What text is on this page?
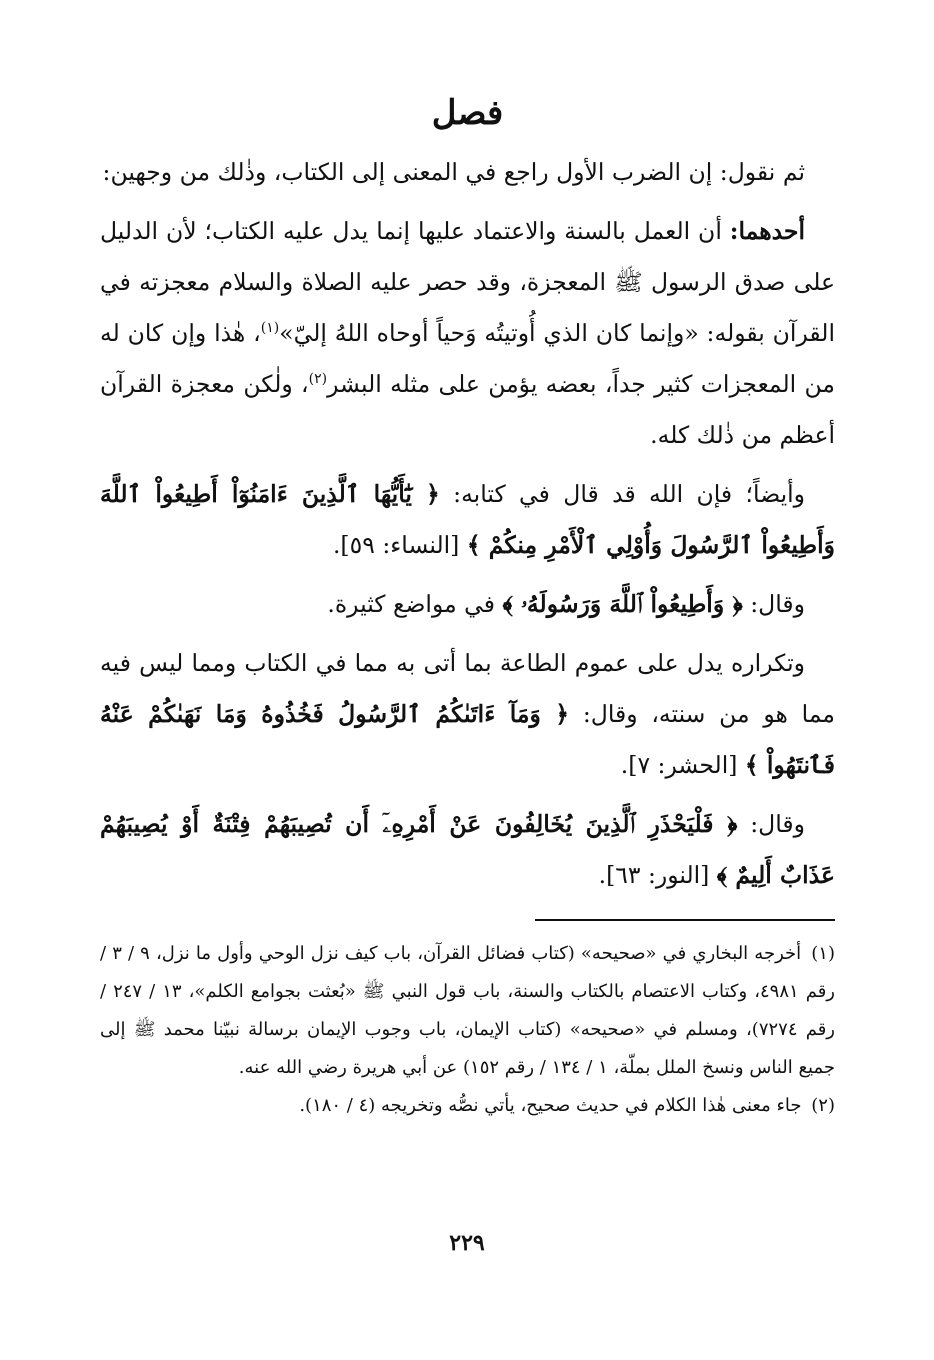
فصل

ثم نقول: إن الضرب الأول راجع في المعنى إلى الكتاب، وذٰلك من وجهين:

أحدهما: أن العمل بالسنة والاعتماد عليها إنما يدل عليه الكتاب؛ لأن الدليل على صدق الرسول ﷺ المعجزة، وقد حصر عليه الصلاة والسلام معجزته في القرآن بقوله: «وإنما كان الذي أُوتيتُه وَحياً أوحاه اللهُ إليّ»$^{(١)}$، هٰذا وإن كان له من المعجزات كثير جداً، بعضه يؤمن على مثله البشر$^{(٢)}$، ولٰكن معجزة القرآن أعظم من ذٰلك كله.

وأيضاً؛ فإن الله قد قال في كتابه: ﴿ يَٰٓأَيُّهَا ٱلَّذِينَ ءَامَنُوٓاْ أَطِيعُواْ ٱللَّهَ وَأَطِيعُواْ ٱلرَّسُولَ وَأُوْلِي ٱلْأَمْرِ مِنكُمْ ﴾ [النساء: ٥٩].

وقال: ﴿ وَأَطِيعُواْ ٱللَّهَ وَرَسُولَهُۥ ﴾ في مواضع كثيرة.

وتكراره يدل على عموم الطاعة بما أتى به مما في الكتاب ومما ليس فيه مما هو من سنته، وقال: ﴿ وَمَآ ءَاتَىٰكُمُ ٱلرَّسُولُ فَخُذُوهُ وَمَا نَهَىٰكُمْ عَنْهُ فَٱنتَهُواْ ﴾ [الحشر: ٧].

وقال: ﴿ فَلْيَحْذَرِ ٱلَّذِينَ يُخَالِفُونَ عَنْ أَمْرِهِۦٓ أَن تُصِيبَهُمْ فِتْنَةٌ أَوْ يُصِيبَهُمْ عَذَابٌ أَلِيمٌ ﴾ [النور: ٦٣].

(١) أخرجه البخاري في «صحيحه» (كتاب فضائل القرآن، باب كيف نزل الوحي وأول ما نزل، ٩ / ٣ / رقم ٤٩٨١، وكتاب الاعتصام بالكتاب والسنة، باب قول النبي ﷺ «بُعثت بجوامع الكلم»، ١٣ / ٢٤٧ / رقم ٧٢٧٤)، ومسلم في «صحيحه» (كتاب الإيمان، باب وجوب الإيمان برسالة نبيّنا محمد ﷺ إلى جميع الناس ونسخ الملل بملّة، ١ / ١٣٤ / رقم ١٥٢) عن أبي هريرة رضي الله عنه.

(٢) جاء معنى هٰذا الكلام في حديث صحيح، يأتي نصُّه وتخريجه (٤ / ١٨٠).

٢٢٩
